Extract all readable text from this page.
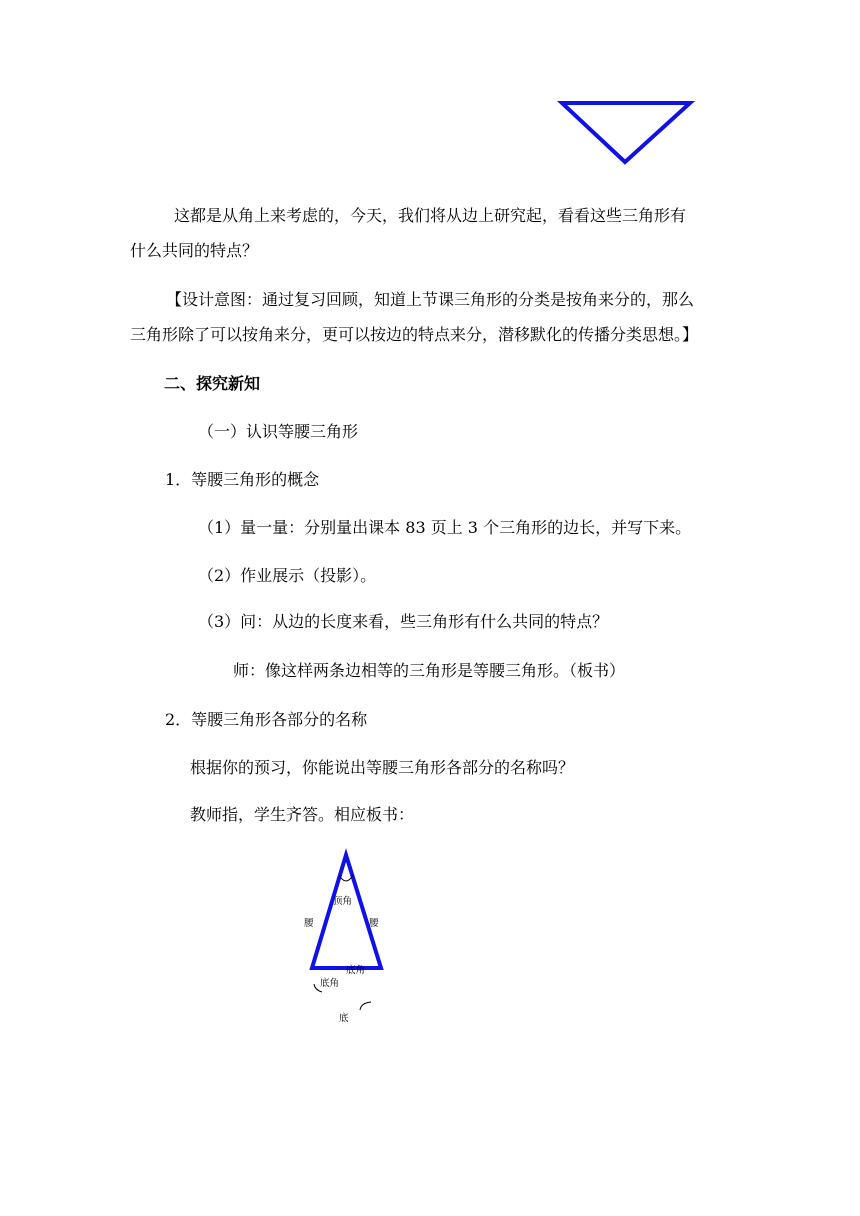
这都是从角上来考虑的，今天，我们将从边上研究起，看看这些三角形有

什么共同的特点？

【设计意图：通过复习回顾，知道上节课三角形的分类是按角来分的，那么

三角形除了可以按角来分，更可以按边的特点来分，潜移默化的传播分类思想。】

二、探究新知

（一）认识等腰三角形

1．等腰三角形的概念

（1）量一量：分别量出课本 83 页上 3 个三角形的边长，并写下来。

（2）作业展示（投影）。

（3）问：从边的长度来看，些三角形有什么共同的特点？

师：像这样两条边相等的三角形是等腰三角形。（板书）

2．等腰三角形各部分的名称

根据你的预习，你能说出等腰三角形各部分的名称吗？

教师指，学生齐答。相应板书：

顶角
腰	腰
底角
底角
底
